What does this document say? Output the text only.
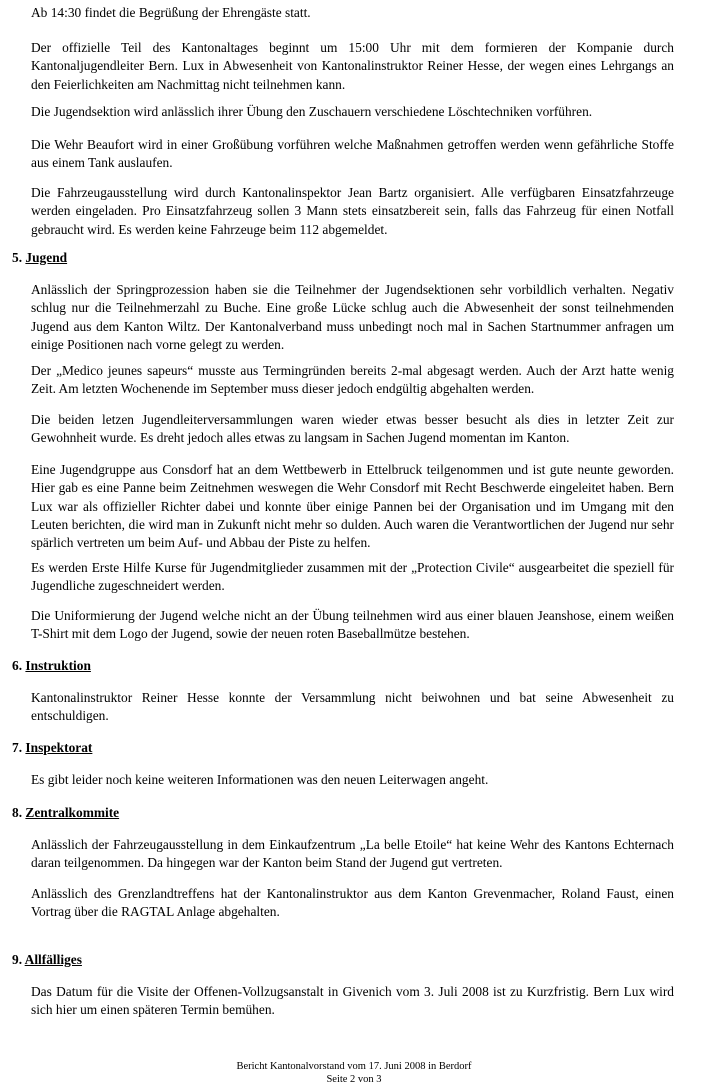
Ab 14:30 findet die Begrüßung der Ehrengäste statt.

Der offizielle Teil des Kantonaltages beginnt um 15:00 Uhr mit dem formieren der Kompanie durch Kantonaljugendleiter Bern. Lux in Abwesenheit von Kantonalinstruktor Reiner Hesse, der wegen eines Lehrgangs an den Feierlichkeiten am Nachmittag nicht teilnehmen kann.

Die Jugendsektion wird anlässlich ihrer Übung den Zuschauern verschiedene Löschtechniken vorführen.

Die Wehr Beaufort wird in einer Großübung vorführen welche Maßnahmen getroffen werden wenn gefährliche Stoffe aus einem Tank auslaufen.

Die Fahrzeugausstellung wird durch Kantonalinspektor Jean Bartz organisiert. Alle verfügbaren Einsatzfahrzeuge werden eingeladen. Pro Einsatzfahrzeug sollen 3 Mann stets einsatzbereit sein, falls das Fahrzeug für einen Notfall gebraucht wird. Es werden keine Fahrzeuge beim 112 abgemeldet.

5. Jugend

Anlässlich der Springprozession haben sie die Teilnehmer der Jugendsektionen sehr vorbildlich verhalten. Negativ schlug nur die Teilnehmerzahl zu Buche. Eine große Lücke schlug auch die Abwesenheit der sonst teilnehmenden Jugend aus dem Kanton Wiltz. Der Kantonalverband muss unbedingt noch mal in Sachen Startnummer anfragen um einige Positionen nach vorne gelegt zu werden.

Der „Medico jeunes sapeurs“ musste aus Termingründen bereits 2-mal abgesagt werden. Auch der Arzt hatte wenig Zeit. Am letzten Wochenende im September muss dieser jedoch endgültig abgehalten werden.

Die beiden letzen Jugendleiterversammlungen waren wieder etwas besser besucht als dies in letzter Zeit zur Gewohnheit wurde. Es dreht jedoch alles etwas zu langsam in Sachen Jugend momentan im Kanton.

Eine Jugendgruppe aus Consdorf hat an dem Wettbewerb in Ettelbruck teilgenommen und ist gute neunte geworden. Hier gab es eine Panne beim Zeitnehmen weswegen die Wehr Consdorf mit Recht Beschwerde eingeleitet haben. Bern Lux war als offizieller Richter dabei und konnte über einige Pannen bei der Organisation und im Umgang mit den Leuten berichten, die wird man in Zukunft nicht mehr so dulden. Auch waren die Verantwortlichen der Jugend nur sehr spärlich vertreten um beim Auf- und Abbau der Piste zu helfen.

Es werden Erste Hilfe Kurse für Jugendmitglieder zusammen mit der „Protection Civile“ ausgearbeitet die speziell für Jugendliche zugeschneidert werden.

Die Uniformierung der Jugend welche nicht an der Übung teilnehmen wird aus einer blauen Jeanshose, einem weißen T-Shirt mit dem Logo der Jugend, sowie der neuen roten Baseballmütze bestehen.

6. Instruktion

Kantonalinstruktor Reiner Hesse konnte der Versammlung nicht beiwohnen und bat seine Abwesenheit zu entschuldigen.

7. Inspektorat

Es gibt leider noch keine weiteren Informationen was den neuen Leiterwagen angeht.

8. Zentralkommite

Anlässlich der Fahrzeugausstellung in dem Einkaufzentrum „La belle Etoile“ hat keine Wehr des Kantons Echternach daran teilgenommen. Da hingegen war der Kanton beim Stand der Jugend gut vertreten.

Anlässlich des Grenzlandtreffens hat der Kantonalinstruktor aus dem Kanton Grevenmacher, Roland Faust, einen Vortrag über die RAGTAL Anlage abgehalten.

9. Allfälliges

Das Datum für die Visite der Offenen-Vollzugsanstalt in Givenich vom 3. Juli 2008 ist zu Kurzfristig. Bern Lux wird sich hier um einen späteren Termin bemühen.

Bericht Kantonalvorstand vom 17. Juni 2008 in Berdorf
Seite 2 von 3
